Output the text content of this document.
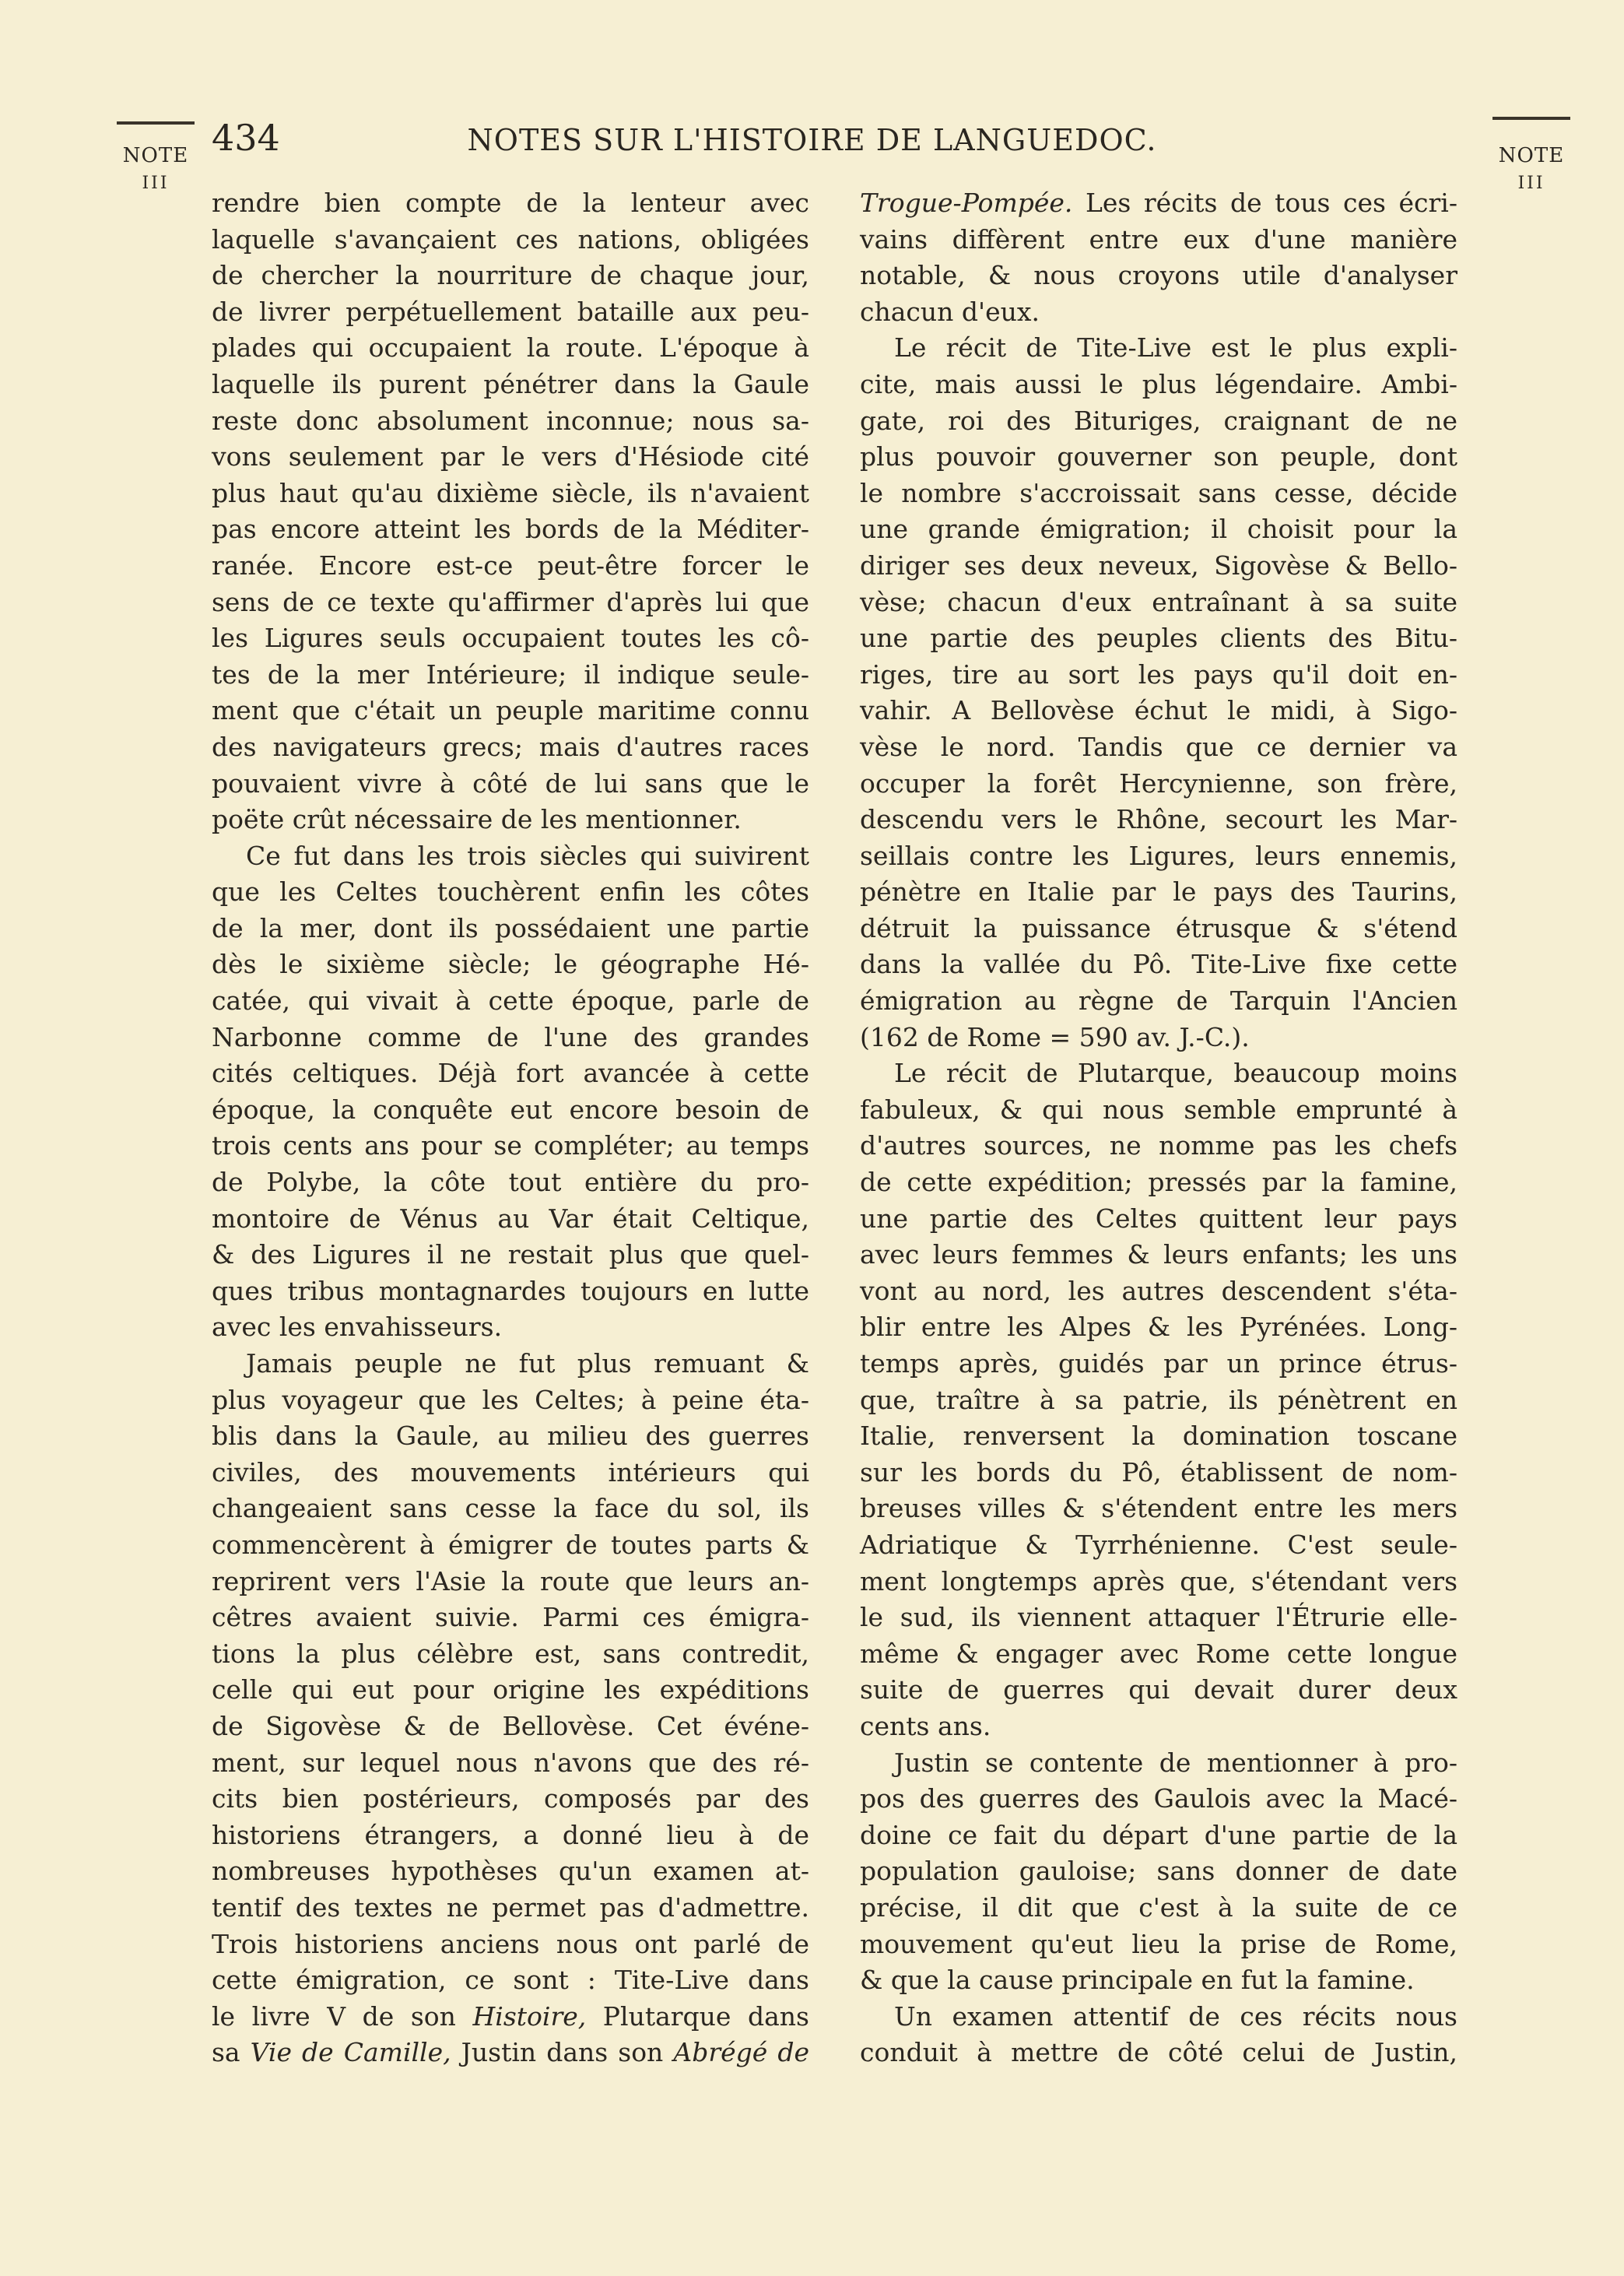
NOTE
III
NOTE
III
434	NOTES SUR L'HISTOIRE DE LANGUEDOC.
rendre bien compte de la lenteur avec
laquelle s'avançaient ces nations, obligées
de chercher la nourriture de chaque jour,
de livrer perpétuellement bataille aux peu-
plades qui occupaient la route. L'époque à
laquelle ils purent pénétrer dans la Gaule
reste donc absolument inconnue; nous sa-
vons seulement par le vers d'Hésiode cité
plus haut qu'au dixième siècle, ils n'avaient
pas encore atteint les bords de la Méditer-
ranée. Encore est-ce peut-être forcer le
sens de ce texte qu'affirmer d'après lui que
les Ligures seuls occupaient toutes les cô-
tes de la mer Intérieure; il indique seule-
ment que c'était un peuple maritime connu
des navigateurs grecs; mais d'autres races
pouvaient vivre à côté de lui sans que le
poëte crût nécessaire de les mentionner.
Ce fut dans les trois siècles qui suivirent
que les Celtes touchèrent enfin les côtes
de la mer, dont ils possédaient une partie
dès le sixième siècle; le géographe Hé-
catée, qui vivait à cette époque, parle de
Narbonne comme de l'une des grandes
cités celtiques. Déjà fort avancée à cette
époque, la conquête eut encore besoin de
trois cents ans pour se compléter; au temps
de Polybe, la côte tout entière du pro-
montoire de Vénus au Var était Celtique,
& des Ligures il ne restait plus que quel-
ques tribus montagnardes toujours en lutte
avec les envahisseurs.
Jamais peuple ne fut plus remuant &
plus voyageur que les Celtes; à peine éta-
blis dans la Gaule, au milieu des guerres
civiles, des mouvements intérieurs qui
changeaient sans cesse la face du sol, ils
commencèrent à émigrer de toutes parts &
reprirent vers l'Asie la route que leurs an-
cêtres avaient suivie. Parmi ces émigra-
tions la plus célèbre est, sans contredit,
celle qui eut pour origine les expéditions
de Sigovèse & de Bellovèse. Cet événe-
ment, sur lequel nous n'avons que des ré-
cits bien postérieurs, composés par des
historiens étrangers, a donné lieu à de
nombreuses hypothèses qu'un examen at-
tentif des textes ne permet pas d'admettre.
Trois historiens anciens nous ont parlé de
cette émigration, ce sont : Tite-Live dans
le livre V de son Histoire, Plutarque dans
sa Vie de Camille, Justin dans son Abrégé de
Trogue-Pompée. Les récits de tous ces écri-
vains diffèrent entre eux d'une manière
notable, & nous croyons utile d'analyser
chacun d'eux.
Le récit de Tite-Live est le plus expli-
cite, mais aussi le plus légendaire. Ambi-
gate, roi des Bituriges, craignant de ne
plus pouvoir gouverner son peuple, dont
le nombre s'accroissait sans cesse, décide
une grande émigration; il choisit pour la
diriger ses deux neveux, Sigovèse & Bello-
vèse; chacun d'eux entraînant à sa suite
une partie des peuples clients des Bitu-
riges, tire au sort les pays qu'il doit en-
vahir. A Bellovèse échut le midi, à Sigo-
vèse le nord. Tandis que ce dernier va
occuper la forêt Hercynienne, son frère,
descendu vers le Rhône, secourt les Mar-
seillais contre les Ligures, leurs ennemis,
pénètre en Italie par le pays des Taurins,
détruit la puissance étrusque & s'étend
dans la vallée du Pô. Tite-Live fixe cette
émigration au règne de Tarquin l'Ancien
(162 de Rome = 590 av. J.-C.).
Le récit de Plutarque, beaucoup moins
fabuleux, & qui nous semble emprunté à
d'autres sources, ne nomme pas les chefs
de cette expédition; pressés par la famine,
une partie des Celtes quittent leur pays
avec leurs femmes & leurs enfants; les uns
vont au nord, les autres descendent s'éta-
blir entre les Alpes & les Pyrénées. Long-
temps après, guidés par un prince étrus-
que, traître à sa patrie, ils pénètrent en
Italie, renversent la domination toscane
sur les bords du Pô, établissent de nom-
breuses villes & s'étendent entre les mers
Adriatique & Tyrrhénienne. C'est seule-
ment longtemps après que, s'étendant vers
le sud, ils viennent attaquer l'Étrurie elle-
même & engager avec Rome cette longue
suite de guerres qui devait durer deux
cents ans.
Justin se contente de mentionner à pro-
pos des guerres des Gaulois avec la Macé-
doine ce fait du départ d'une partie de la
population gauloise; sans donner de date
précise, il dit que c'est à la suite de ce
mouvement qu'eut lieu la prise de Rome,
& que la cause principale en fut la famine.
Un examen attentif de ces récits nous
conduit à mettre de côté celui de Justin,
